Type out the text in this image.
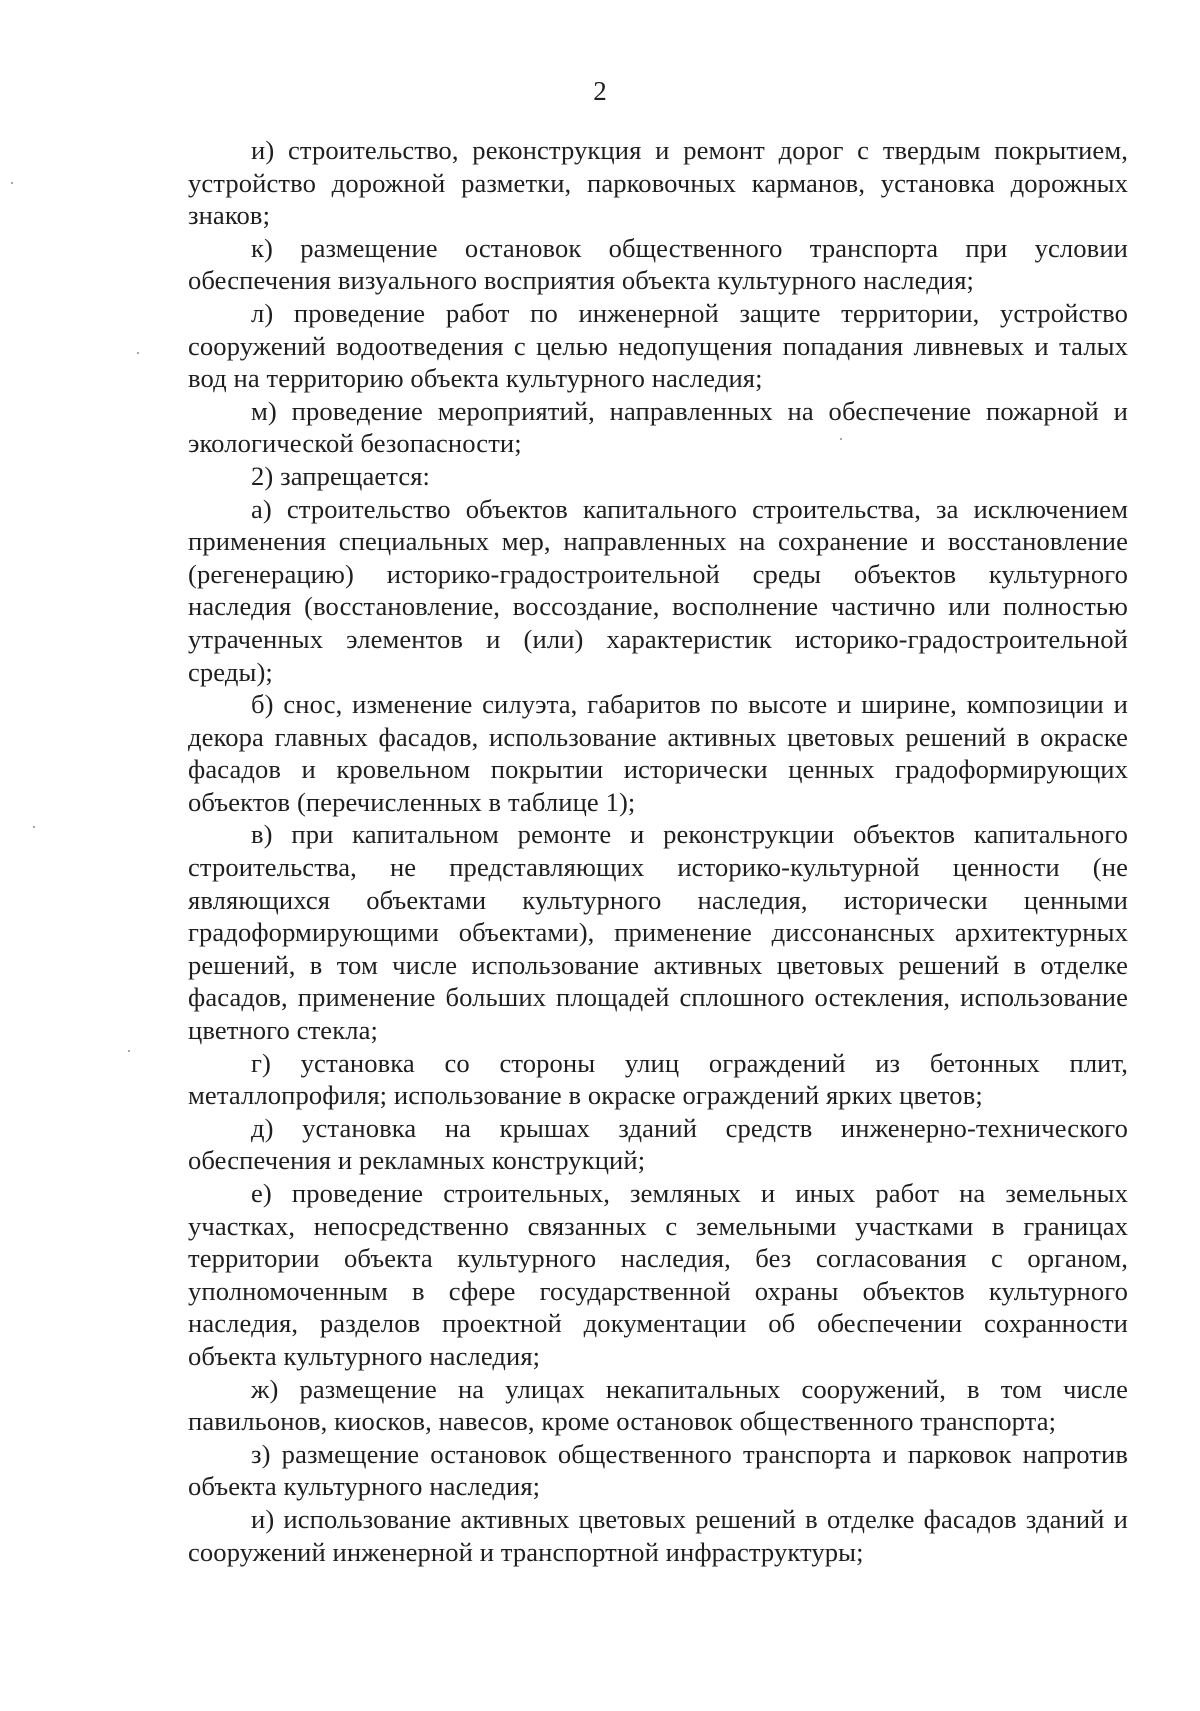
2

и) строительство, реконструкция и ремонт дорог с твердым покрытием, устройство дорожной разметки, парковочных карманов, установка дорожных знаков;

к) размещение остановок общественного транспорта при условии обеспечения визуального восприятия объекта культурного наследия;

л) проведение работ по инженерной защите территории, устройство сооружений водоотведения с целью недопущения попадания ливневых и талых вод на территорию объекта культурного наследия;

м) проведение мероприятий, направленных на обеспечение пожарной и экологической безопасности;

2) запрещается:

а) строительство объектов капитального строительства, за исключением применения специальных мер, направленных на сохранение и восстановление (регенерацию) историко-градостроительной среды объектов культурного наследия (восстановление, воссоздание, восполнение частично или полностью утраченных элементов и (или) характеристик историко-градостроительной среды);

б) снос, изменение силуэта, габаритов по высоте и ширине, композиции и декора главных фасадов, использование активных цветовых решений в окраске фасадов и кровельном покрытии исторически ценных градоформирующих объектов (перечисленных в таблице 1);

в) при капитальном ремонте и реконструкции объектов капитального строительства, не представляющих историко-культурной ценности (не являющихся объектами культурного наследия, исторически ценными градоформирующими объектами), применение диссонансных архитектурных решений, в том числе использование активных цветовых решений в отделке фасадов, применение больших площадей сплошного остекления, использование цветного стекла;

г) установка со стороны улиц ограждений из бетонных плит, металлопрофиля; использование в окраске ограждений ярких цветов;

д) установка на крышах зданий средств инженерно-технического обеспечения и рекламных конструкций;

е) проведение строительных, земляных и иных работ на земельных участках, непосредственно связанных с земельными участками в границах территории объекта культурного наследия, без согласования с органом, уполномоченным в сфере государственной охраны объектов культурного наследия, разделов проектной документации об обеспечении сохранности объекта культурного наследия;

ж) размещение на улицах некапитальных сооружений, в том числе павильонов, киосков, навесов, кроме остановок общественного транспорта;

з) размещение остановок общественного транспорта и парковок напротив объекта культурного наследия;

и) использование активных цветовых решений в отделке фасадов зданий и сооружений инженерной и транспортной инфраструктуры;
